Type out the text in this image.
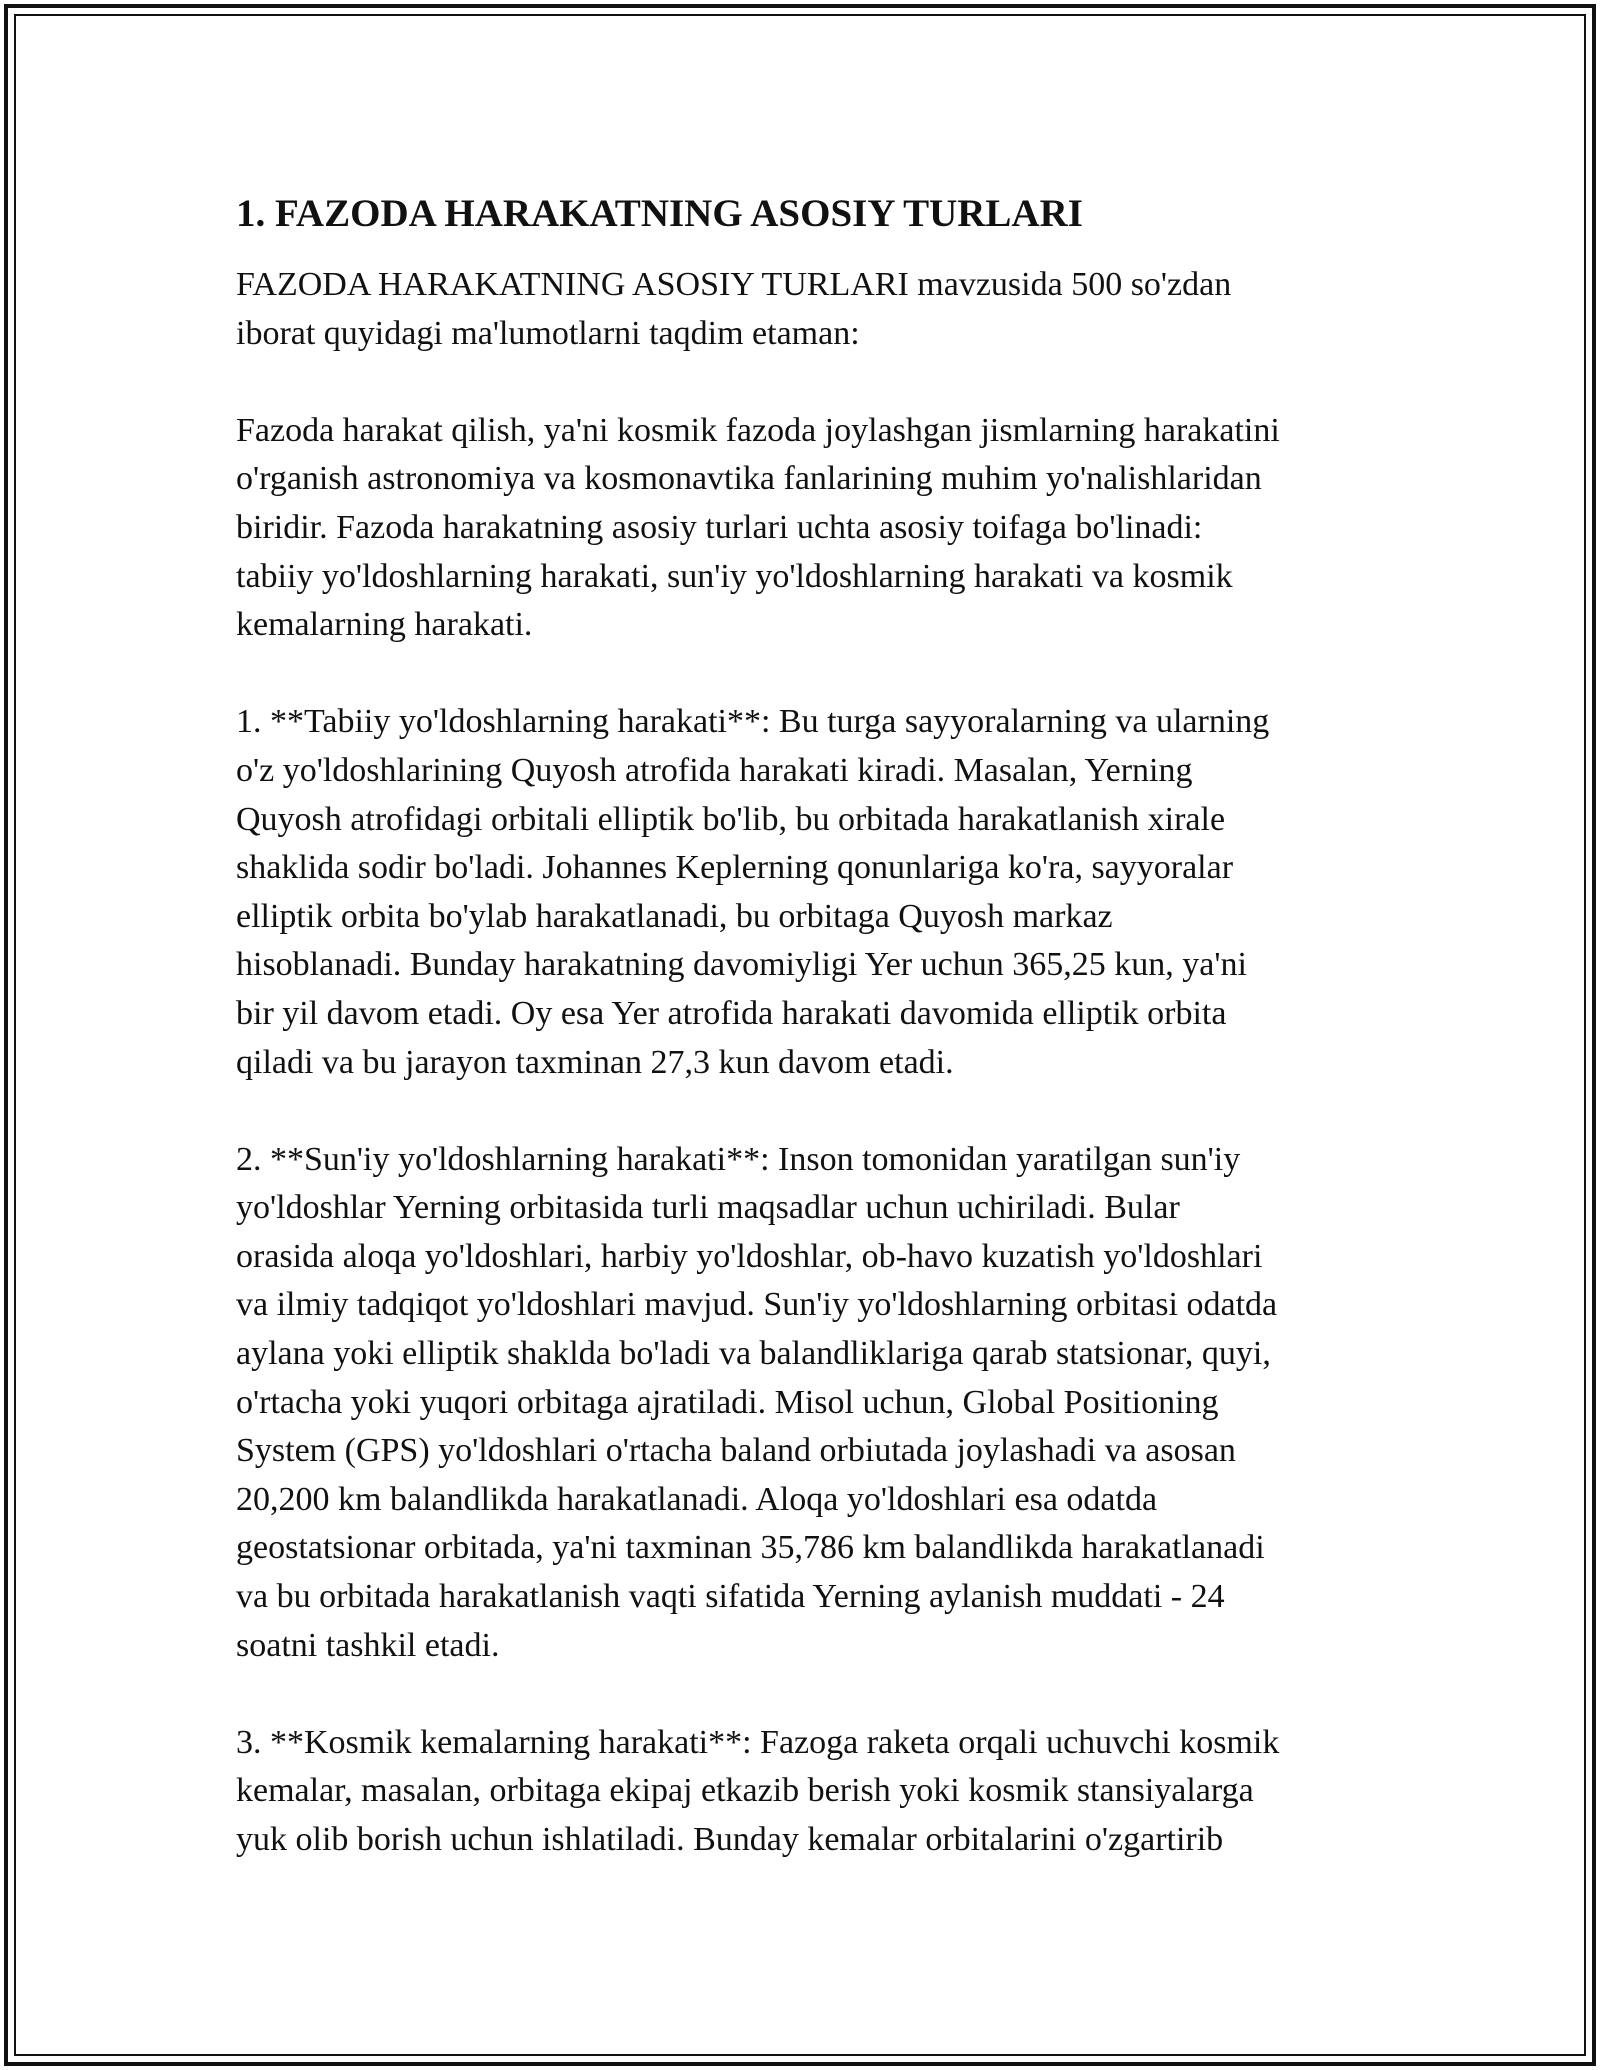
1. FAZODA HARAKATNING ASOSIY TURLARI

FAZODA HARAKATNING ASOSIY TURLARI mavzusida 500 so'zdan
iborat quyidagi ma'lumotlarni taqdim etaman:

Fazoda harakat qilish, ya'ni kosmik fazoda joylashgan jismlarning harakatini
o'rganish astronomiya va kosmonavtika fanlarining muhim yo'nalishlaridan
biridir. Fazoda harakatning asosiy turlari uchta asosiy toifaga bo'linadi:
tabiiy yo'ldoshlarning harakati, sun'iy yo'ldoshlarning harakati va kosmik
kemalarning harakati.

1. **Tabiiy yo'ldoshlarning harakati**: Bu turga sayyoralarning va ularning
o'z yo'ldoshlarining Quyosh atrofida harakati kiradi. Masalan, Yerning
Quyosh atrofidagi orbitali elliptik bo'lib, bu orbitada harakatlanish xirale
shaklida sodir bo'ladi. Johannes Keplerning qonunlariga ko'ra, sayyoralar
elliptik orbita bo'ylab harakatlanadi, bu orbitaga Quyosh markaz
hisoblanadi. Bunday harakatning davomiyligi Yer uchun 365,25 kun, ya'ni
bir yil davom etadi. Oy esa Yer atrofida harakati davomida elliptik orbita
qiladi va bu jarayon taxminan 27,3 kun davom etadi.

2. **Sun'iy yo'ldoshlarning harakati**: Inson tomonidan yaratilgan sun'iy
yo'ldoshlar Yerning orbitasida turli maqsadlar uchun uchiriladi. Bular
orasida aloqa yo'ldoshlari, harbiy yo'ldoshlar, ob-havo kuzatish yo'ldoshlari
va ilmiy tadqiqot yo'ldoshlari mavjud. Sun'iy yo'ldoshlarning orbitasi odatda
aylana yoki elliptik shaklda bo'ladi va balandliklariga qarab statsionar, quyi,
o'rtacha yoki yuqori orbitaga ajratiladi. Misol uchun, Global Positioning
System (GPS) yo'ldoshlari o'rtacha baland orbiutada joylashadi va asosan
20,200 km balandlikda harakatlanadi. Aloqa yo'ldoshlari esa odatda
geostatsionar orbitada, ya'ni taxminan 35,786 km balandlikda harakatlanadi
va bu orbitada harakatlanish vaqti sifatida Yerning aylanish muddati - 24
soatni tashkil etadi.

3. **Kosmik kemalarning harakati**: Fazoga raketa orqali uchuvchi kosmik
kemalar, masalan, orbitaga ekipaj etkazib berish yoki kosmik stansiyalarga
yuk olib borish uchun ishlatiladi. Bunday kemalar orbitalarini o'zgartirib
